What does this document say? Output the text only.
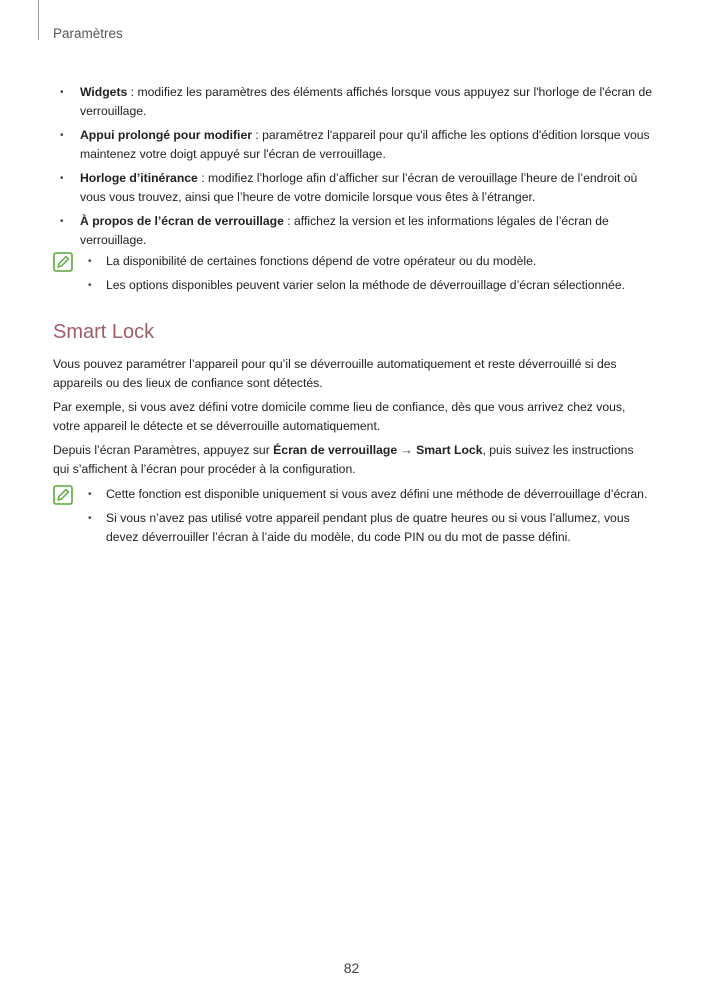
Paramètres
• Widgets : modifiez les paramètres des éléments affichés lorsque vous appuyez sur l'horloge de l'écran de verrouillage.
• Appui prolongé pour modifier : paramétrez l'appareil pour qu'il affiche les options d'édition lorsque vous maintenez votre doigt appuyé sur l'écran de verrouillage.
• Horloge d’itinérance : modifiez l’horloge afin d’afficher sur l’écran de verouillage l’heure de l’endroit où vous vous trouvez, ainsi que l’heure de votre domicile lorsque vous êtes à l’étranger.
• À propos de l’écran de verrouillage : affichez la version et les informations légales de l’écran de verrouillage.
• La disponibilité de certaines fonctions dépend de votre opérateur ou du modèle.
• Les options disponibles peuvent varier selon la méthode de déverrouillage d’écran sélectionnée.
Smart Lock

Vous pouvez paramétrer l’appareil pour qu’il se déverrouille automatiquement et reste déverrouillé si des appareils ou des lieux de confiance sont détectés.

Par exemple, si vous avez défini votre domicile comme lieu de confiance, dès que vous arrivez chez vous, votre appareil le détecte et se déverrouille automatiquement.

Depuis l’écran Paramètres, appuyez sur Écran de verrouillage → Smart Lock, puis suivez les instructions qui s’affichent à l’écran pour procéder à la configuration.

• Cette fonction est disponible uniquement si vous avez défini une méthode de déverrouillage d’écran.
• Si vous n’avez pas utilisé votre appareil pendant plus de quatre heures ou si vous l’allumez, vous devez déverrouiller l’écran à l’aide du modèle, du code PIN ou du mot de passe défini.
82
